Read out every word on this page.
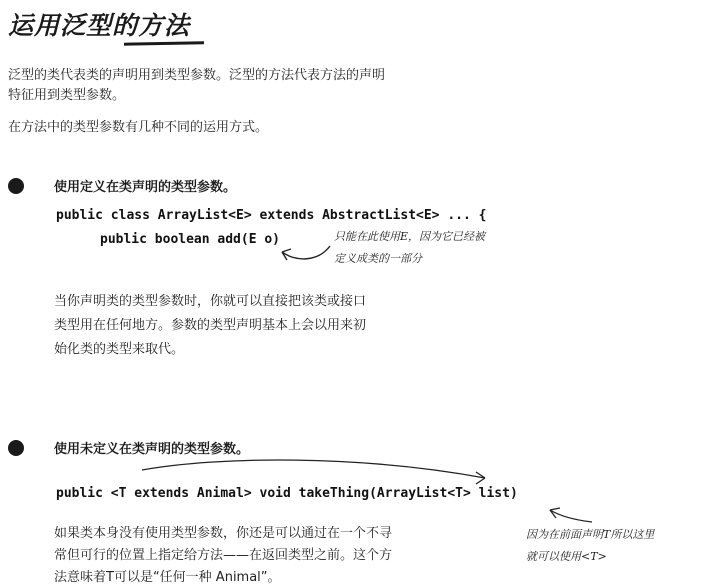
运用泛型的方法
泛型的类代表类的声明用到类型参数。泛型的方法代表方法的声明
特征用到类型参数。
在方法中的类型参数有几种不同的运用方式。
使用定义在类声明的类型参数。
public class ArrayList<E> extends AbstractList<E> ... {
public boolean add(E o)	只能在此使用E，因为它已经被
定义成类的一部分
当你声明类的类型参数时，你就可以直接把该类或接口
类型用在任何地方。参数的类型声明基本上会以用来初
始化类的类型来取代。
使用未定义在类声明的类型参数。
public <T extends Animal> void takeThing(ArrayList<T> list)
如果类本身没有使用类型参数，你还是可以通过在一个不寻
常但可行的位置上指定给方法——在返回类型之前。这个方
法意味着T可以是“任何一种 Animal”。
因为在前面声明T所以这里
就可以使用<T>
